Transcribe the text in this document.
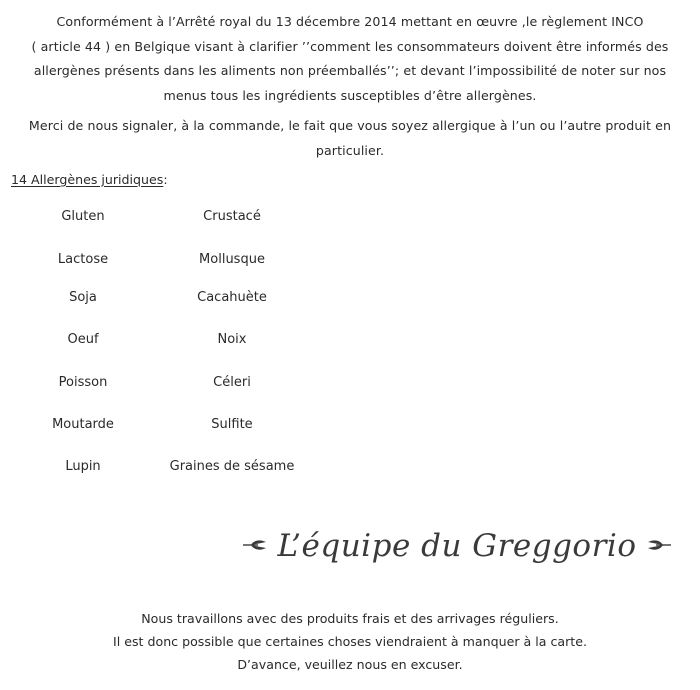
Conformément à l’Arrêté royal du 13 décembre 2014 mettant en œuvre ,le règlement INCO
( article 44 ) en Belgique visant à clarifier ’’comment les consommateurs doivent être informés des
allergènes présents dans les aliments non préemballés’’; et devant l’impossibilité de noter sur nos
menus tous les ingrédients susceptibles d’être allergènes.
Merci de nous signaler, à la commande, le fait que vous soyez allergique à l’un ou l’autre produit en
particulier.
14 Allergènes juridiques:
Gluten	Crustacé
Lactose	Mollusque
Soja	Cacahuète
Oeuf	Noix
Poisson	Céleri
Moutarde	Sulfite
Lupin	Graines de sésame
L’équipe du Greggorio
Nous travaillons avec des produits frais et des arrivages réguliers.
Il est donc possible que certaines choses viendraient à manquer à la carte.
D’avance, veuillez nous en excuser.
